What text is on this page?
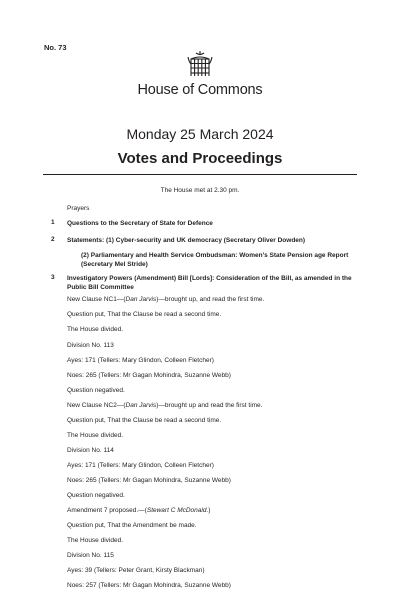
No. 73
House of Commons
Monday 25 March 2024
Votes and Proceedings
The House met at 2.30 pm.
Prayers
1 Questions to the Secretary of State for Defence
2 Statements: (1) Cyber-security and UK democracy (Secretary Oliver Dowden)
(2) Parliamentary and Health Service Ombudsman: Women’s State Pension age Report (Secretary Mel Stride)
3 Investigatory Powers (Amendment) Bill [Lords]: Consideration of the Bill, as amended in the Public Bill Committee
New Clause NC1—(Dan Jarvis)—brought up, and read the first time.
Question put, That the Clause be read a second time.
The House divided.
Division No. 113
Ayes: 171 (Tellers: Mary Glindon, Colleen Fletcher)
Noes: 265 (Tellers: Mr Gagan Mohindra, Suzanne Webb)
Question negatived.
New Clause NC2—(Dan Jarvis)—brought up and read the first time.
Question put, That the Clause be read a second time.
The House divided.
Division No. 114
Ayes: 171 (Tellers: Mary Glindon, Colleen Fletcher)
Noes: 265 (Tellers: Mr Gagan Mohindra, Suzanne Webb)
Question negatived.
Amendment 7 proposed.—(Stewart C McDonald.)
Question put, That the Amendment be made.
The House divided.
Division No. 115
Ayes: 39 (Tellers: Peter Grant, Kirsty Blackman)
Noes: 257 (Tellers: Mr Gagan Mohindra, Suzanne Webb)
